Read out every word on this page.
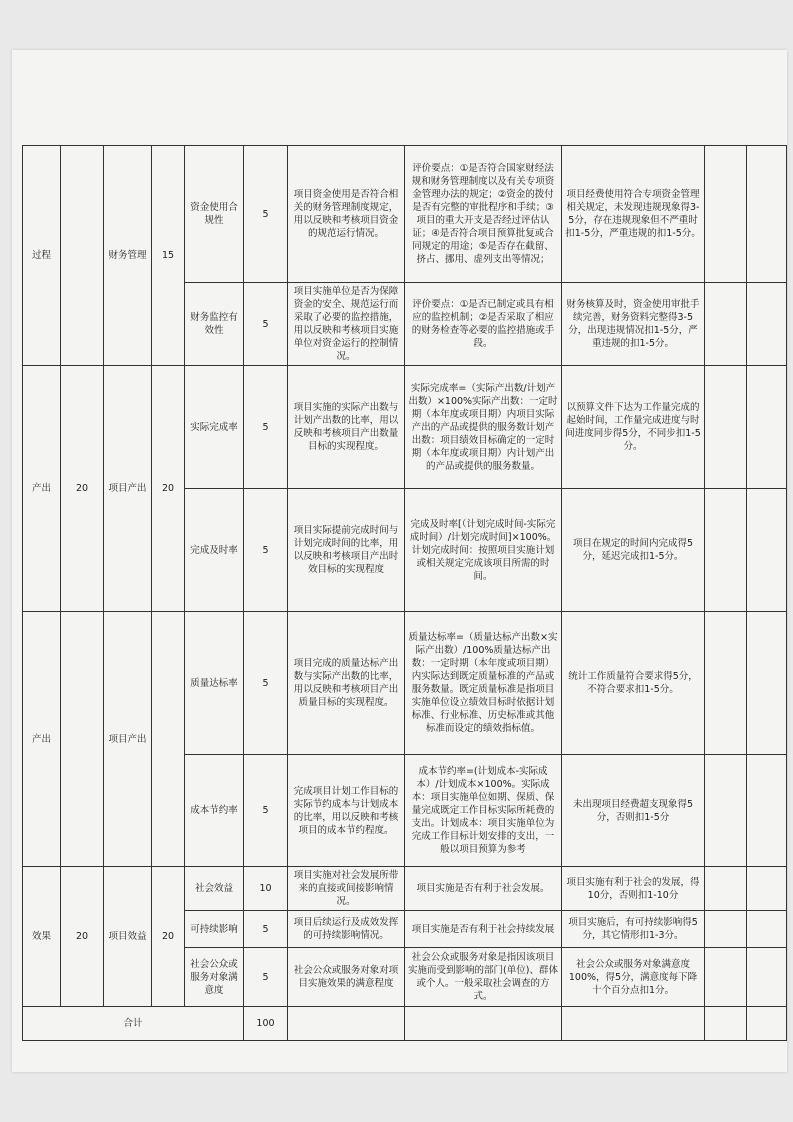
过程		财务管理	15	资金使用合规性	5	项目资金使用是否符合相关的财务管理制度规定，用以反映和考核项目资金的规范运行情况。	评价要点：①是否符合国家财经法规和财务管理制度以及有关专项资金管理办法的规定；②资金的拨付是否有完整的审批程序和手续；③项目的重大开支是否经过评估认证；④是否符合项目预算批复或合同规定的用途；⑤是否存在截留、挤占、挪用、虚列支出等情况；	项目经费使用符合专项资金管理相关规定，未发现违规现象得3-5分，存在违规现象但不严重时扣1-5分，严重违规的扣1-5分。		
				财务监控有效性	5	项目实施单位是否为保障资金的安全、规范运行而采取了必要的监控措施，用以反映和考核项目实施单位对资金运行的控制情况。	评价要点：①是否已制定或具有相应的监控机制；②是否采取了相应的财务检查等必要的监控措施或手段。	财务核算及时，资金使用审批手续完善，财务资料完整得3-5分，出现违规情况扣1-5分，严重违规的扣1-5分。		
产出	20	项目产出	20	实际完成率	5	项目实施的实际产出数与计划产出数的比率，用以反映和考核项目产出数量目标的实现程度。	实际完成率=（实际产出数/计划产出数）×100%实际产出数：一定时期（本年度或项目期）内项目实际产出的产品或提供的服务数计划产出数：项目绩效目标确定的一定时期（本年度或项目期）内计划产出的产品或提供的服务数量。	以预算文件下达为工作量完成的起始时间，工作量完成进度与时间进度同步得5分，不同步扣1-5分。		
				完成及时率	5	项目实际提前完成时间与计划完成时间的比率，用以反映和考核项目产出时效目标的实现程度	完成及时率[（计划完成时间-实际完成时间）/计划完成时间]×100%。计划完成时间：按照项目实施计划或相关规定完成该项目所需的时间。	项目在规定的时间内完成得5分，延迟完成扣1-5分。		
产出		项目产出		质量达标率	5	项目完成的质量达标产出数与实际产出数的比率，用以反映和考核项目产出质量目标的实现程度。	质量达标率=（质量达标产出数×实际产出数）/100%质量达标产出数：一定时期（本年度或项目期）内实际达到既定质量标准的产品或服务数量。既定质量标准是指项目实施单位设立绩效目标时依据计划标准、行业标准、历史标准或其他标准而设定的绩效指标值。	统计工作质量符合要求得5分，不符合要求扣1-5分。		
				成本节约率	5	完成项目计划工作目标的实际节约成本与计划成本的比率，用以反映和考核项目的成本节约程度。	成本节约率=(计划成本-实际成本）/计划成本×100%。实际成本：项目实施单位如期、保质、保量完成既定工作目标实际所耗费的支出。计划成本：项目实施单位为完成工作目标计划安排的支出，一般以项目预算为参考	未出现项目经费超支现象得5分，否则扣1-5分		
效果	20	项目效益	20	社会效益	10	项目实施对社会发展所带来的直接或间接影响情况。	项目实施是否有利于社会发展。	项目实施有利于社会的发展，得10分，否则扣1-10分		
				可持续影响	5	项目后续运行及成效发挥的可持续影响情况。	项目实施是否有利于社会持续发展	项目实施后，有可持续影响得5分，其它情形扣1-3分。		
				社会公众或服务对象满意度	5	社会公众或服务对象对项目实施效果的满意程度	社会公众或服务对象是指因该项目实施而受到影响的部门(单位)、群体或个人。一般采取社会调查的方式。	社会公众或服务对象满意度100%，得5分，满意度每下降十个百分点扣1分。		
合计					100					
